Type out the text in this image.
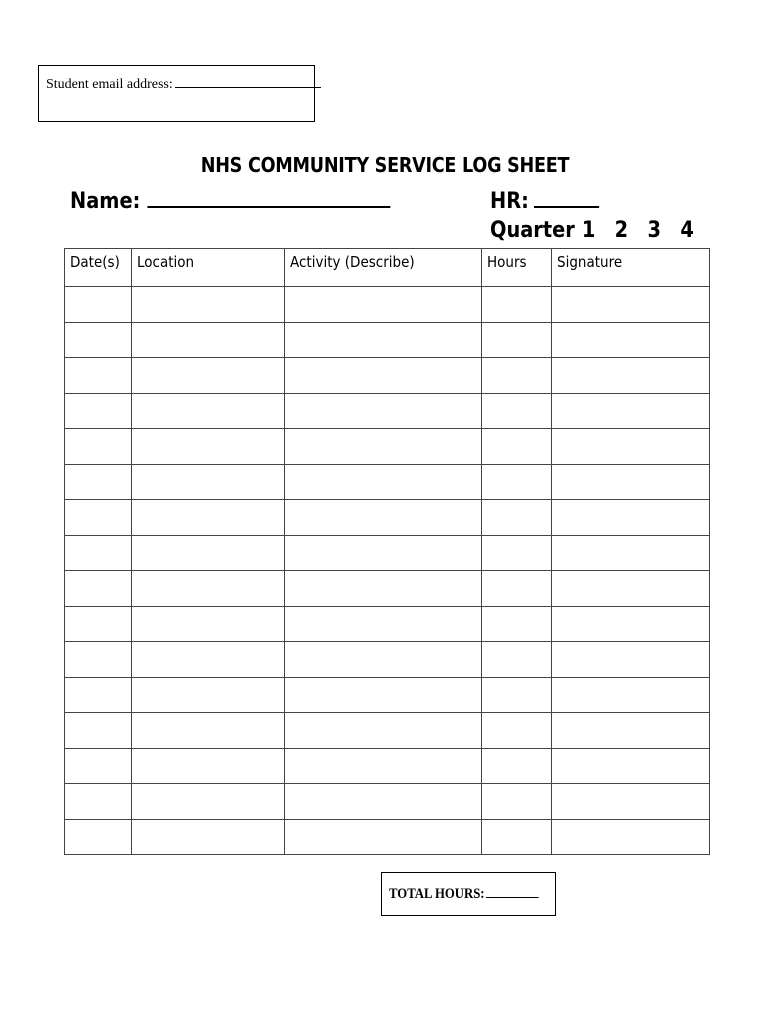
Student email address:
NHS COMMUNITY SERVICE LOG SHEET
Name:	HR:
Quarter 1 2 3 4
Date(s)	Location	Activity (Describe)	Hours	Signature

TOTAL HOURS:
